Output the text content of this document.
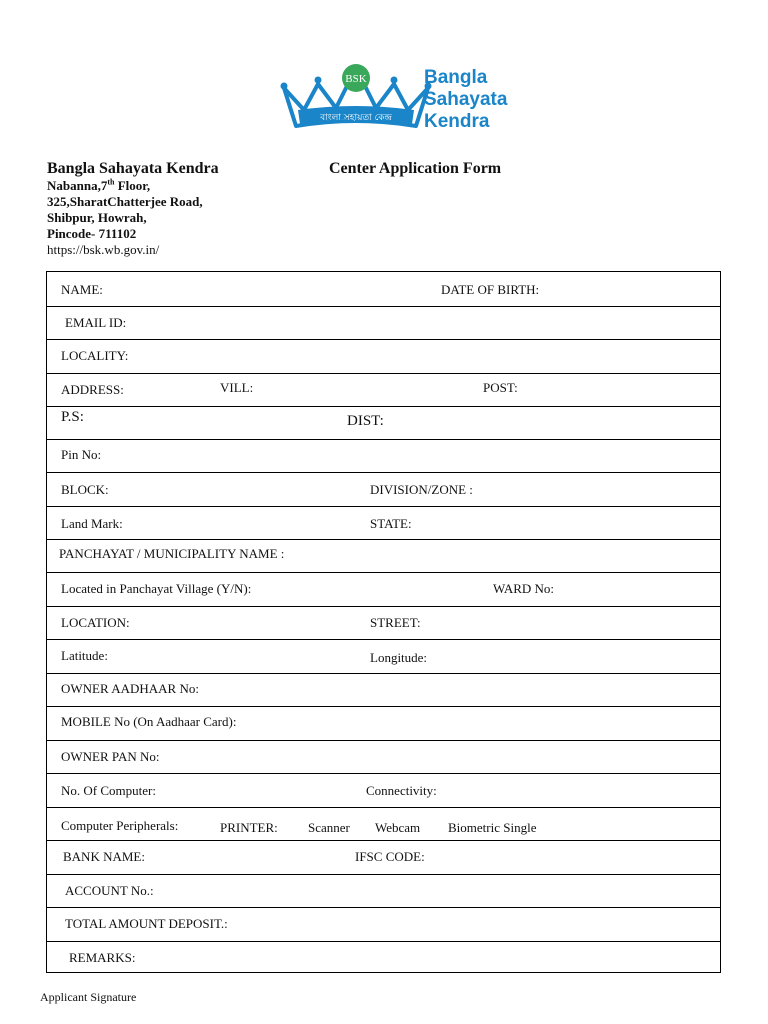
বাংলা সহায়তা কেন্দ্র
BSK	Bangla
Sahayata
Kendra
Bangla Sahayata Kendra	Center Application Form
Nabanna,7th Floor,
325,SharatChatterjee Road,
Shibpur, Howrah,
Pincode- 711102
https://bsk.wb.gov.in/
NAME:	DATE OF BIRTH:
EMAIL ID:
LOCALITY:
ADDRESS:	VILL:	POST:
P.S:	DIST:
Pin No:
BLOCK:	DIVISION/ZONE :
Land Mark:	STATE:
PANCHAYAT / MUNICIPALITY NAME :
Located in Panchayat Village (Y/N):	WARD No:
LOCATION:	STREET:
Latitude:	Longitude:
OWNER AADHAAR No:
MOBILE No (On Aadhaar Card):
OWNER PAN No:
No. Of Computer:	Connectivity:
Computer Peripherals:	PRINTER: Scanner Webcam Biometric Single
BANK NAME:	IFSC CODE:
ACCOUNT No.:
TOTAL AMOUNT DEPOSIT.:
REMARKS:
Applicant Signature
